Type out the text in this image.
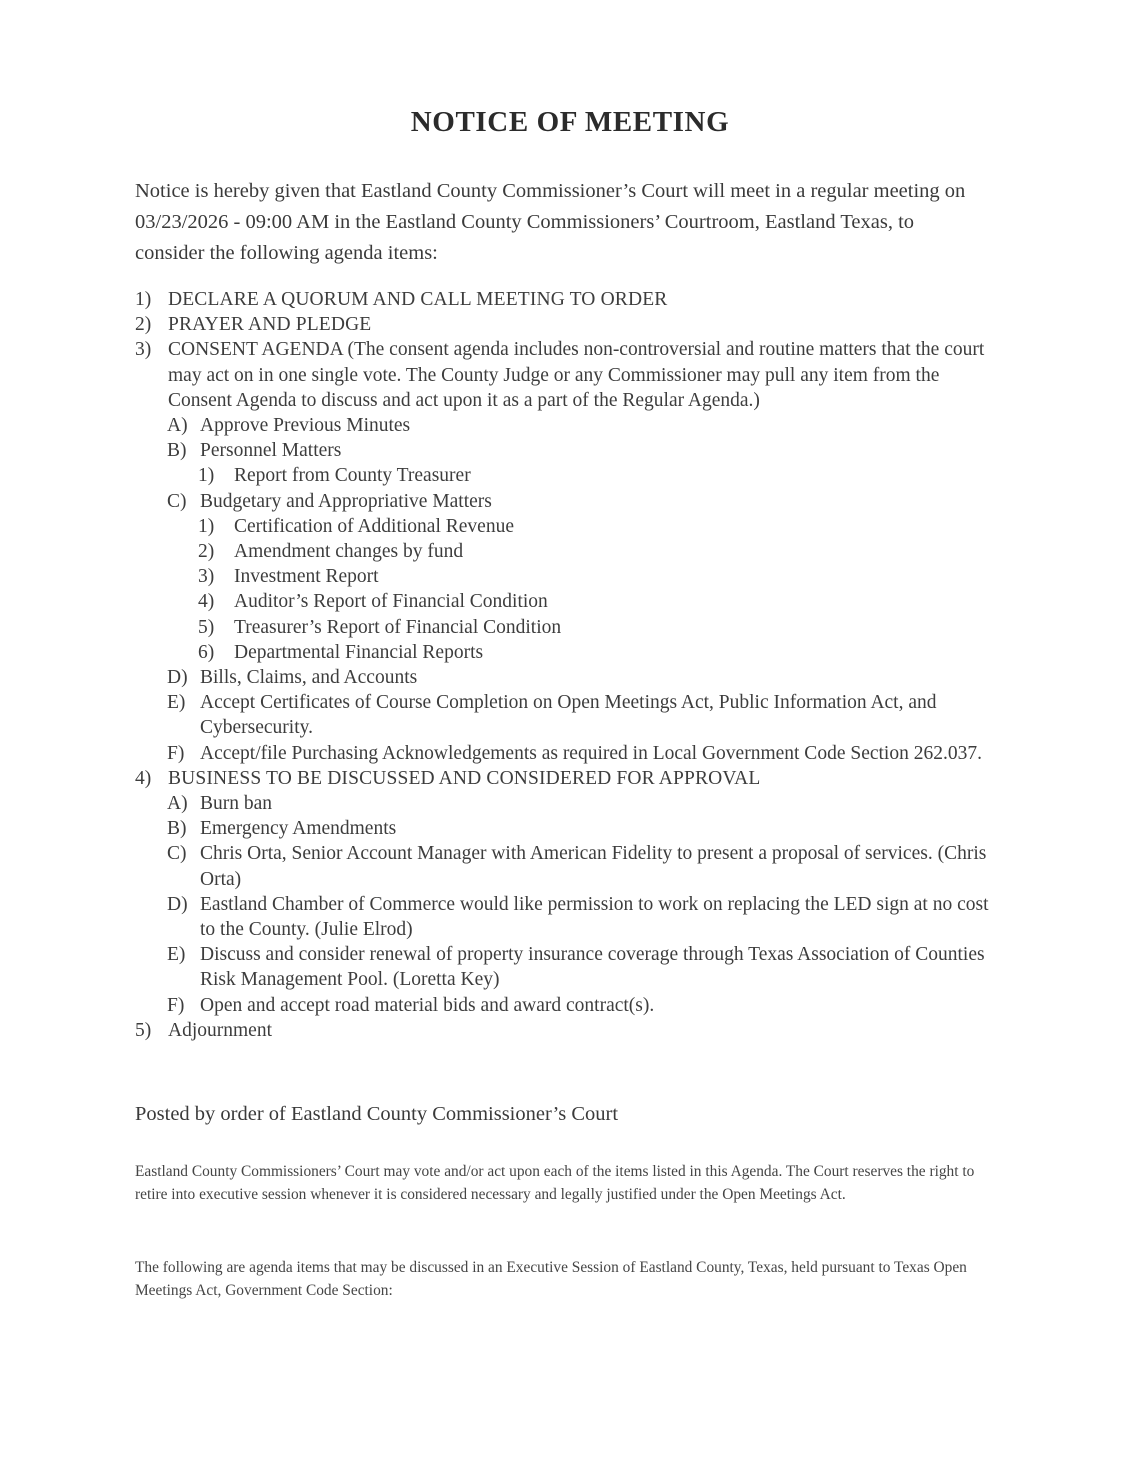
NOTICE OF MEETING
Notice is hereby given that Eastland County Commissioner’s Court will meet in a regular meeting on 03/23/2026 - 09:00 AM in the Eastland County Commissioners’ Courtroom, Eastland Texas, to consider the following agenda items:
1) DECLARE A QUORUM AND CALL MEETING TO ORDER
2) PRAYER AND PLEDGE
3) CONSENT AGENDA (The consent agenda includes non-controversial and routine matters that the court may act on in one single vote. The County Judge or any Commissioner may pull any item from the Consent Agenda to discuss and act upon it as a part of the Regular Agenda.)
A) Approve Previous Minutes
B) Personnel Matters
1)	Report from County Treasurer
C) Budgetary and Appropriative Matters
1)	Certification of Additional Revenue
2)	Amendment changes by fund
3)	Investment Report
4)	Auditor’s Report of Financial Condition
5)	Treasurer’s Report of Financial Condition
6)	Departmental Financial Reports
D) Bills, Claims, and Accounts
E) Accept Certificates of Course Completion on Open Meetings Act, Public Information Act, and Cybersecurity.
F) Accept/file Purchasing Acknowledgements as required in Local Government Code Section 262.037.
4) BUSINESS TO BE DISCUSSED AND CONSIDERED FOR APPROVAL
A) Burn ban
B) Emergency Amendments
C) Chris Orta, Senior Account Manager with American Fidelity to present a proposal of services. (Chris Orta)
D) Eastland Chamber of Commerce would like permission to work on replacing the LED sign at no cost to the County. (Julie Elrod)
E) Discuss and consider renewal of property insurance coverage through Texas Association of Counties Risk Management Pool. (Loretta Key)
F) Open and accept road material bids and award contract(s).
5) Adjournment
Posted by order of Eastland County Commissioner’s Court
Eastland County Commissioners’ Court may vote and/or act upon each of the items listed in this Agenda. The Court reserves the right to retire into executive session whenever it is considered necessary and legally justified under the Open Meetings Act.
The following are agenda items that may be discussed in an Executive Session of Eastland County, Texas, held pursuant to Texas Open Meetings Act, Government Code Section:
